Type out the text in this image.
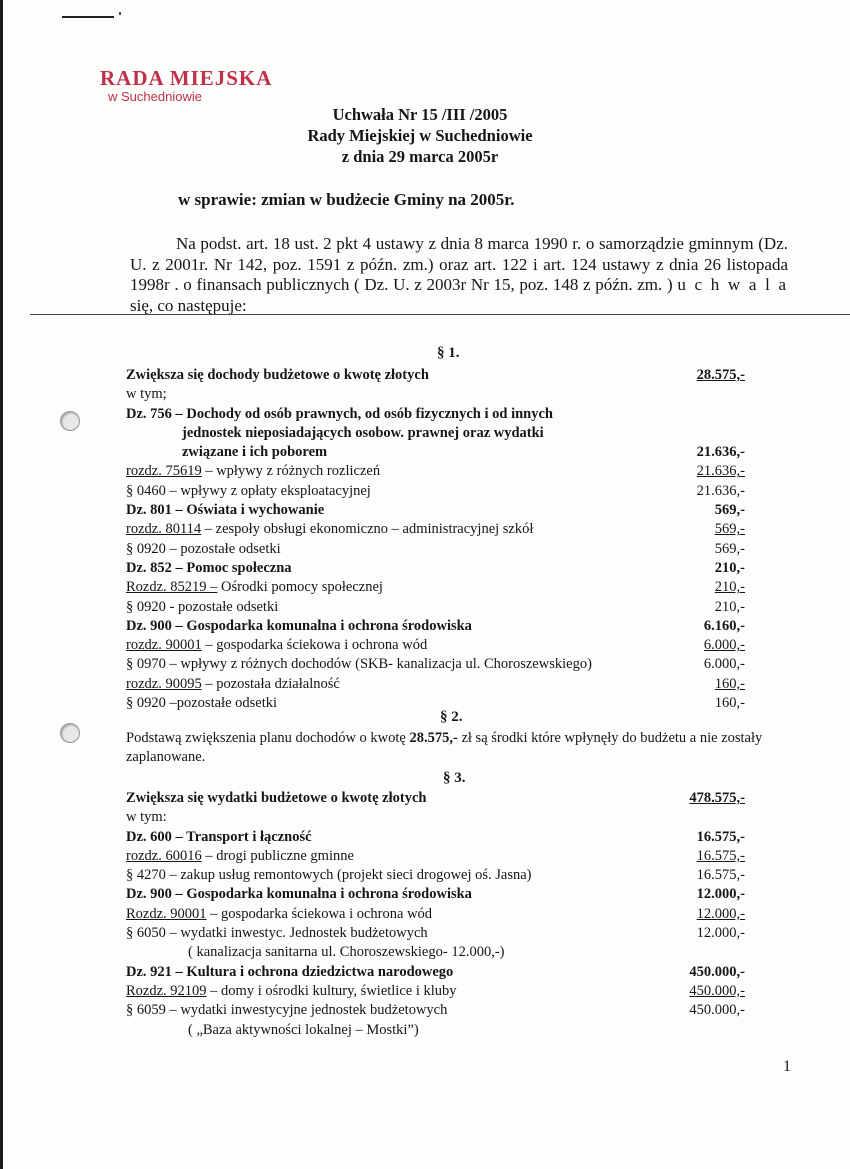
RADA MIEJSKA
w Suchedniowie
Uchwała Nr 15 /III /2005
Rady Miejskiej w Suchedniowie
z dnia 29 marca 2005r
w sprawie: zmian w budżecie Gminy na 2005r.
Na podst. art. 18 ust. 2 pkt 4 ustawy z dnia 8 marca 1990 r. o samorządzie gminnym (Dz. U. z 2001r. Nr 142, poz. 1591 z późn. zm.) oraz art. 122 i art. 124 ustawy z dnia 26 listopada 1998r . o finansach publicznych ( Dz. U. z 2003r Nr 15, poz. 148 z późn. zm. ) u c h w a l a się, co następuje:
§ 1.
Zwiększa się dochody budżetowe o kwotę złotych	28.575,-
w tym;
Dz. 756 – Dochody od osób prawnych, od osób fizycznych i od innych
jednostek nieposiadających osobow. prawnej oraz wydatki
związane i ich poborem	21.636,-
rozdz. 75619 – wpływy z różnych rozliczeń	21.636,-
§ 0460 – wpływy z opłaty eksploatacyjnej	21.636,-
Dz. 801 – Oświata i wychowanie	569,-
rozdz. 80114 – zespoły obsługi ekonomiczno – administracyjnej szkół	569,-
§ 0920 – pozostałe odsetki	569,-
Dz. 852 – Pomoc społeczna	210,-
Rozdz. 85219 – Ośrodki pomocy społecznej	210,-
§ 0920 - pozostałe odsetki	210,-
Dz. 900 – Gospodarka komunalna i ochrona środowiska	6.160,-
rozdz. 90001 – gospodarka ściekowa i ochrona wód	6.000,-
§ 0970 – wpływy z różnych dochodów (SKB- kanalizacja ul. Choroszewskiego)	6.000,-
rozdz. 90095 – pozostała działalność	160,-
§ 0920 –pozostałe odsetki	160,-
§ 2.
Podstawą zwiększenia planu dochodów o kwotę 28.575,- zł są środki które wpłynęły do budżetu a nie zostały zaplanowane.
§ 3.
Zwiększa się wydatki budżetowe o kwotę złotych	478.575,-
w tym:
Dz. 600 – Transport i łączność	16.575,-
rozdz. 60016 – drogi publiczne gminne	16.575,-
§ 4270 – zakup usług remontowych (projekt sieci drogowej oś. Jasna)	16.575,-
Dz. 900 – Gospodarka komunalna i ochrona środowiska	12.000,-
Rozdz. 90001 – gospodarka ściekowa i ochrona wód	12.000,-
§ 6050 – wydatki inwestyc. Jednostek budżetowych	12.000,-
( kanalizacja sanitarna ul. Choroszewskiego- 12.000,-)
Dz. 921 – Kultura i ochrona dziedzictwa narodowego	450.000,-
Rozdz. 92109 – domy i ośrodki kultury, świetlice i kluby	450.000,-
§ 6059 – wydatki inwestycyjne jednostek budżetowych	450.000,-
( „Baza aktywności lokalnej – Mostki”)
1
